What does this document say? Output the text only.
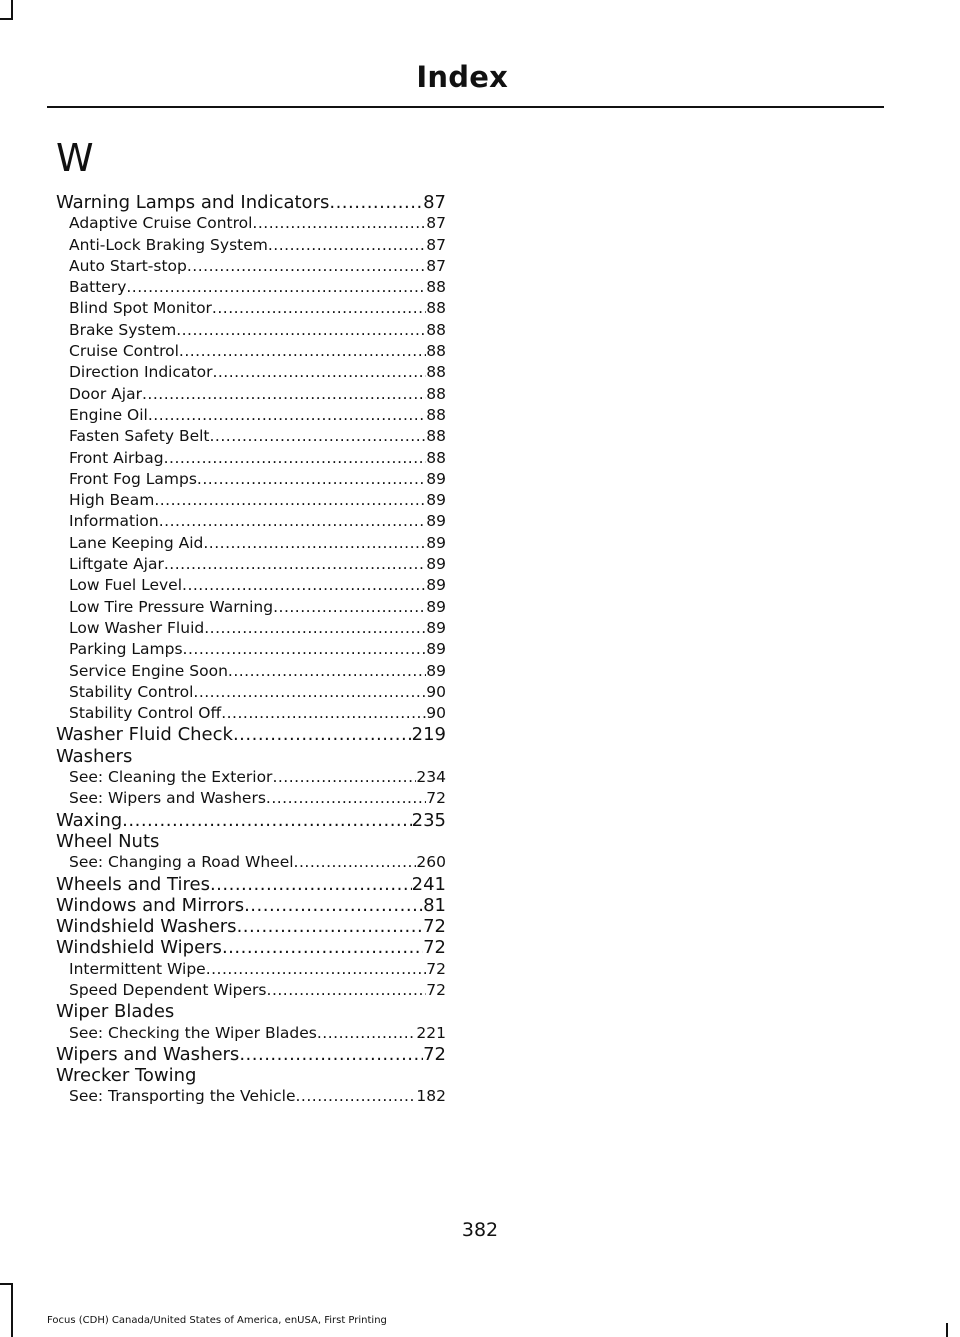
Index
W
Warning Lamps and Indicators .....	87
Adaptive Cruise Control .....	87
Anti-Lock Braking System .....	87
Auto Start-stop .....	87
Battery .....	88
Blind Spot Monitor .....	88
Brake System .....	88
Cruise Control .....	88
Direction Indicator .....	88
Door Ajar .....	88
Engine Oil .....	88
Fasten Safety Belt .....	88
Front Airbag .....	88
Front Fog Lamps .....	89
High Beam .....	89
Information .....	89
Lane Keeping Aid .....	89
Liftgate Ajar .....	89
Low Fuel Level .....	89
Low Tire Pressure Warning .....	89
Low Washer Fluid .....	89
Parking Lamps .....	89
Service Engine Soon .....	89
Stability Control .....	90
Stability Control Off .....	90
Washer Fluid Check .....	219
Washers
See: Cleaning the Exterior .....	234
See: Wipers and Washers .....	72
Waxing .....	235
Wheel Nuts
See: Changing a Road Wheel .....	260
Wheels and Tires .....	241
Windows and Mirrors .....	81
Windshield Washers .....	72
Windshield Wipers .....	72
Intermittent Wipe .....	72
Speed Dependent Wipers .....	72
Wiper Blades
See: Checking the Wiper Blades .....	221
Wipers and Washers .....	72
Wrecker Towing
See: Transporting the Vehicle .....	182
382
Focus (CDH) Canada/United States of America, enUSA, First Printing
